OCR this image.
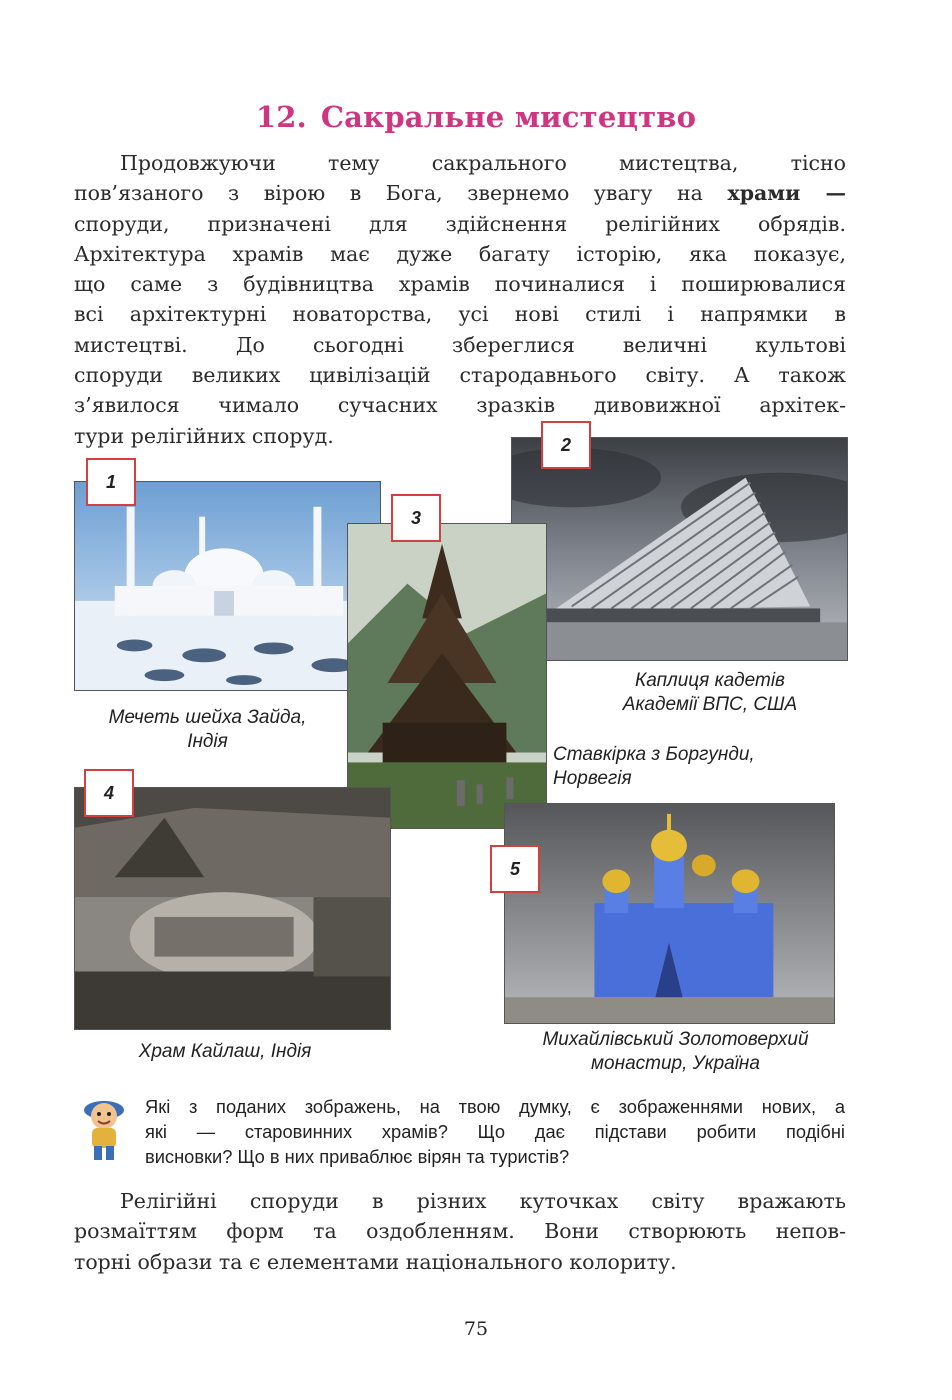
12. Сакральне мистецтво
Продовжуючи тему сакрального мистецтва, тісно
пов’язаного з вірою в Бога, звернемо увагу на храми —
споруди, призначені для здійснення релігійних обрядів.
Архітектура храмів має дуже багату історію, яка показує,
що саме з будівництва храмів починалися і поширювалися
всі архітектурні новаторства, усі нові стилі і напрямки в
мистецтві. До сьогодні збереглися величні культові
споруди великих цивілізацій стародавнього світу. А також
з’явилося чимало сучасних зразків дивовижної архітек-
тури релігійних споруд.
1
2
3
4
5
Мечеть шейха Зайда,
Індія
Каплиця кадетів
Академії ВПС, США
Ставкірка з Боргунди,
Норвегія
Храм Кайлаш, Індія
Михайлівський Золотоверхий
монастир, Україна
Які з поданих зображень, на твою думку, є зображеннями нових, а
які — старовинних храмів? Що дає підстави робити подібні
висновки? Що в них приваблює вірян та туристів?
Релігійні споруди в різних куточках світу вражають
розмаїттям форм та оздобленням. Вони створюють непов-
торні образи та є елементами національного колориту.
75
